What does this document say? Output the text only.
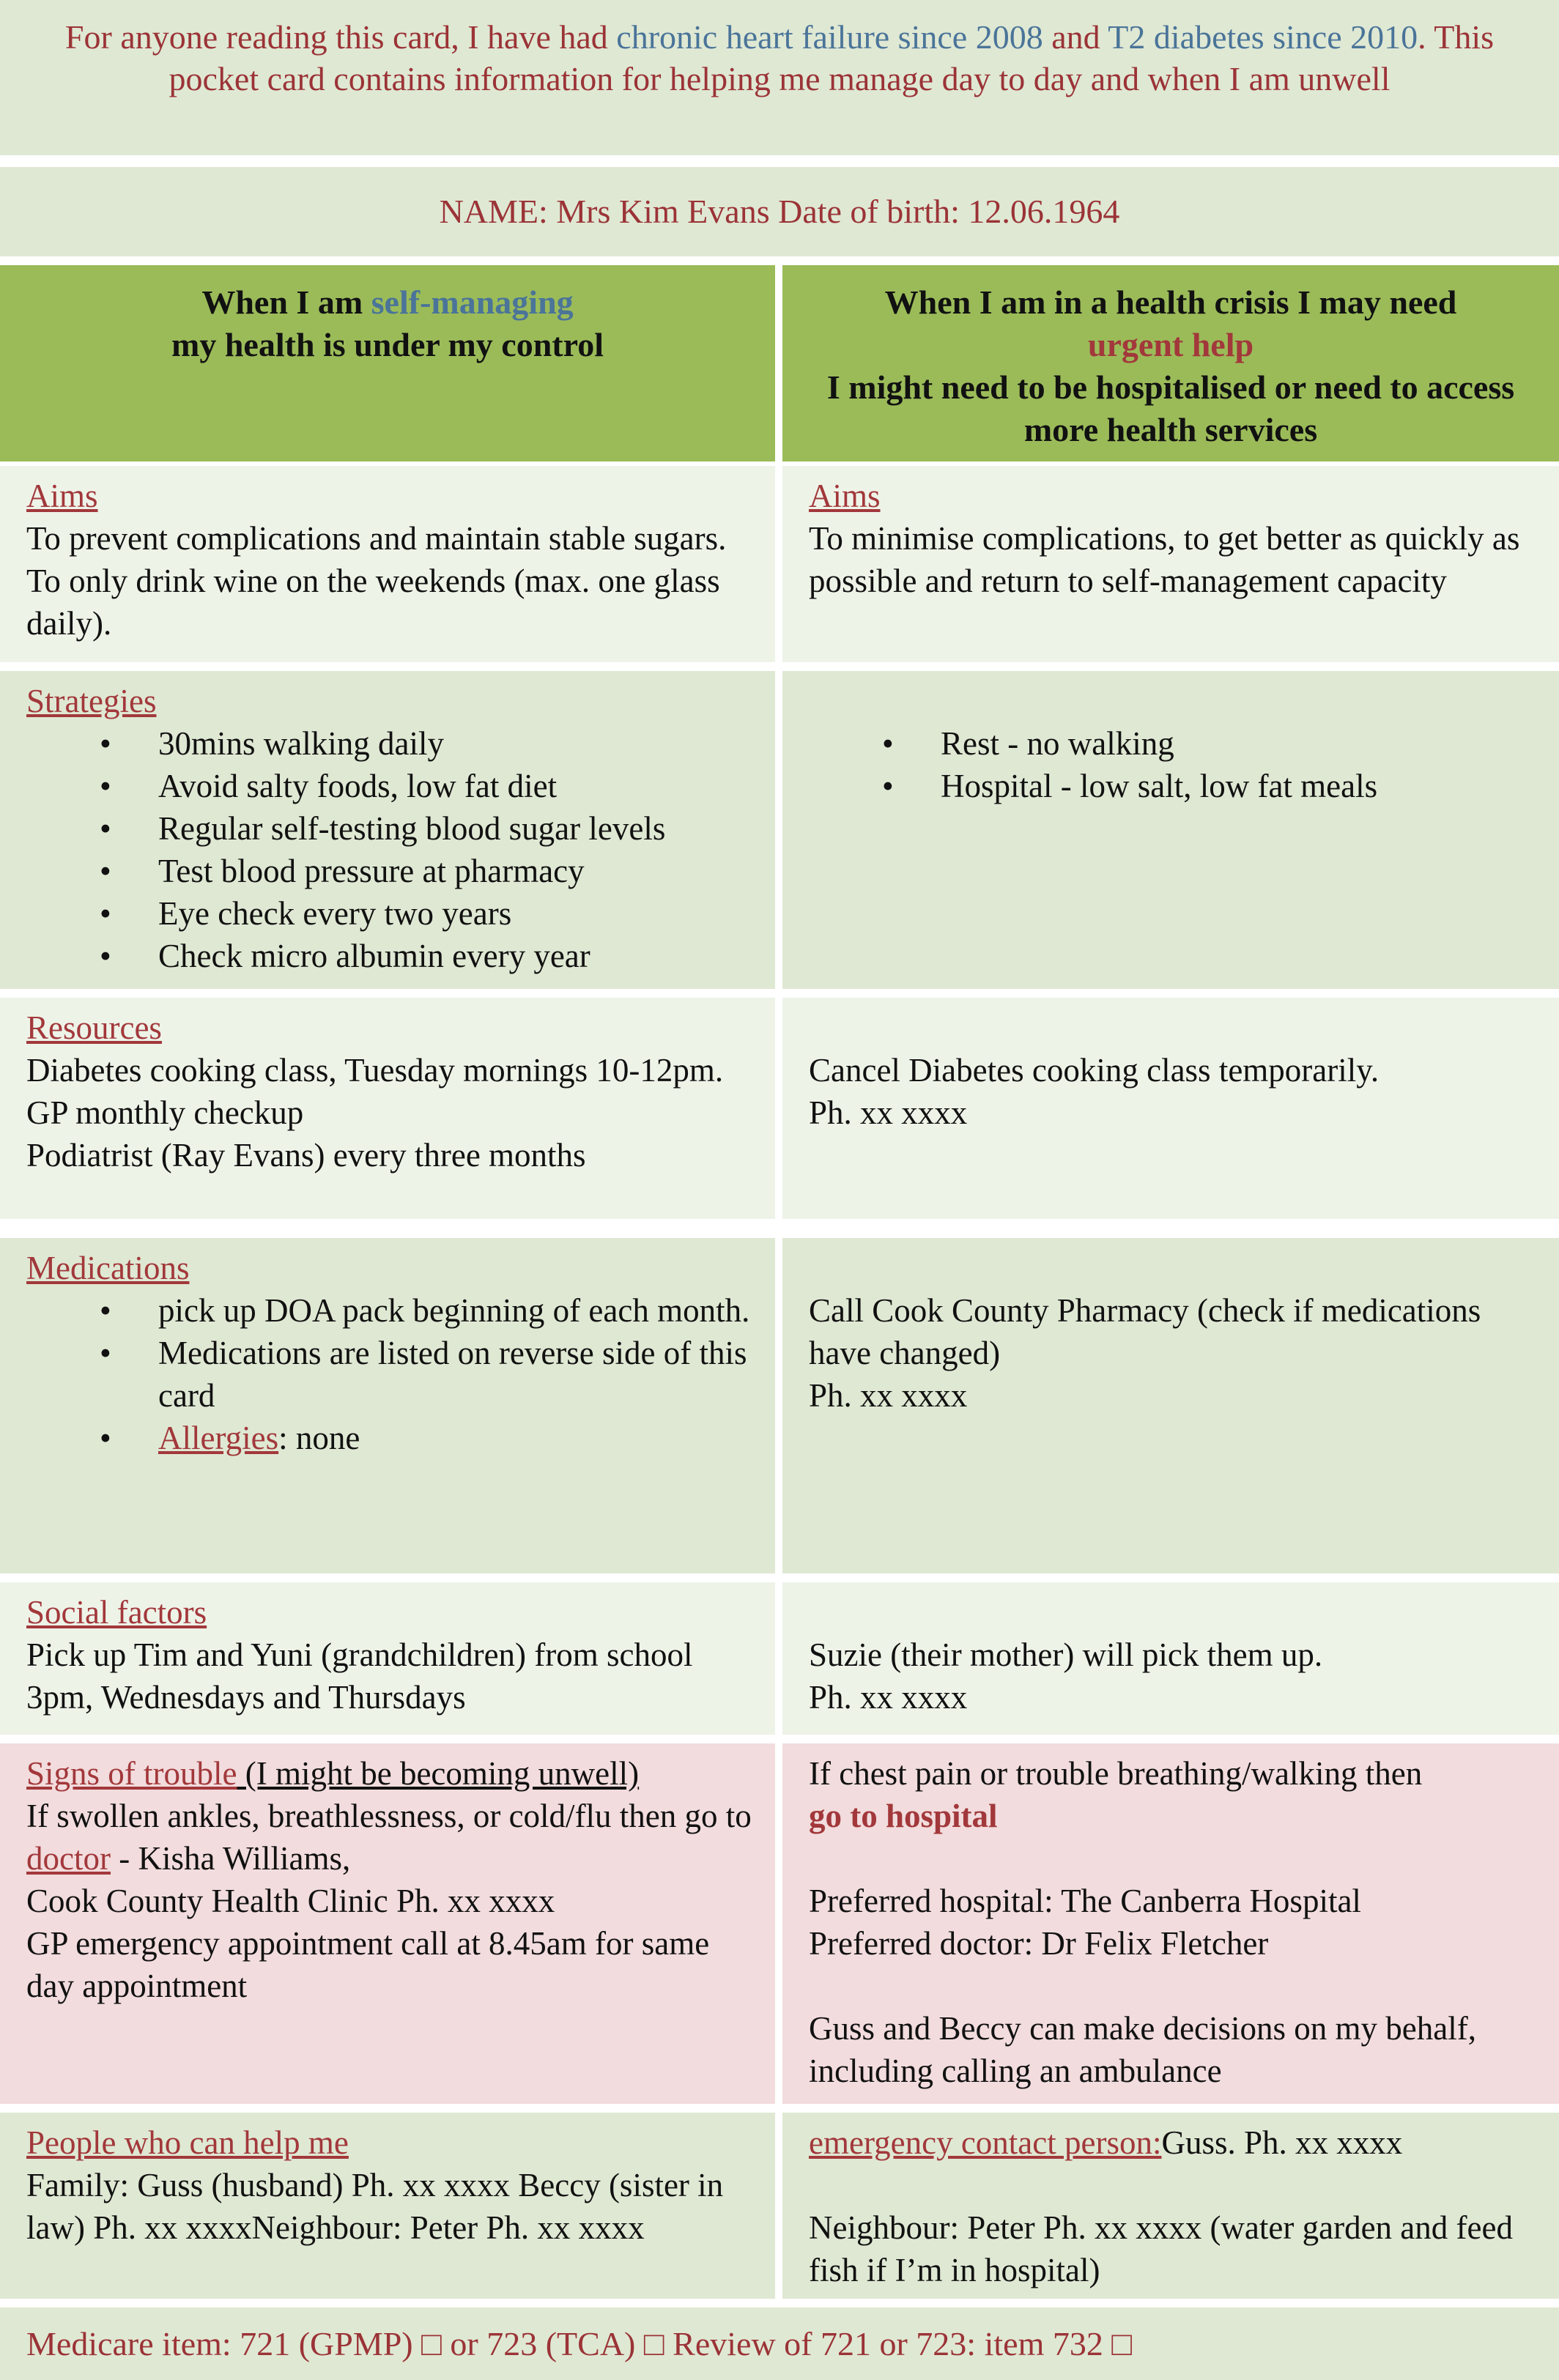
For anyone reading this card, I have had chronic heart failure since 2008 and T2 diabetes since 2010. This pocket card contains information for helping me manage day to day and when I am unwell
NAME: Mrs Kim Evans Date of birth: 12.06.1964
When I am self-managing
my health is under my control
When I am in a health crisis I may need
urgent help
I might need to be hospitalised or need to access more health services
Aims
To prevent complications and maintain stable sugars. To only drink wine on the weekends (max. one glass daily).
Aims
To minimise complications, to get better as quickly as possible and return to self-management capacity
Strategies
• 30mins walking daily
• Avoid salty foods, low fat diet
• Regular self-testing blood sugar levels
• Test blood pressure at pharmacy
• Eye check every two years
• Check micro albumin every year
• Rest - no walking
• Hospital - low salt, low fat meals
Resources
Diabetes cooking class, Tuesday mornings 10-12pm.
GP monthly checkup
Podiatrist (Ray Evans) every three months
Cancel Diabetes cooking class temporarily.
Ph. xx xxxx
Medications
• pick up DOA pack beginning of each month.
• Medications are listed on reverse side of this card
• Allergies: none
Call Cook County Pharmacy (check if medications have changed)
Ph. xx xxxx
Social factors
Pick up Tim and Yuni (grandchildren) from school 3pm, Wednesdays and Thursdays
Suzie (their mother) will pick them up.
Ph. xx xxxx
Signs of trouble (I might be becoming unwell)
If swollen ankles, breathlessness, or cold/flu then go to
doctor - Kisha Williams,
Cook County Health Clinic Ph. xx xxxx
GP emergency appointment call at 8.45am for same day appointment
If chest pain or trouble breathing/walking then
go to hospital
Preferred hospital: The Canberra Hospital
Preferred doctor: Dr Felix Fletcher
Guss and Beccy can make decisions on my behalf, including calling an ambulance
People who can help me
Family: Guss (husband) Ph. xx xxxx Beccy (sister in law) Ph. xx xxxxNeighbour: Peter Ph. xx xxxx
emergency contact person:Guss. Ph. xx xxxx
Neighbour: Peter Ph. xx xxxx (water garden and feed fish if I’m in hospital)
Medicare item: 721 (GPMP) □ or 723 (TCA) □ Review of 721 or 723: item 732 □
